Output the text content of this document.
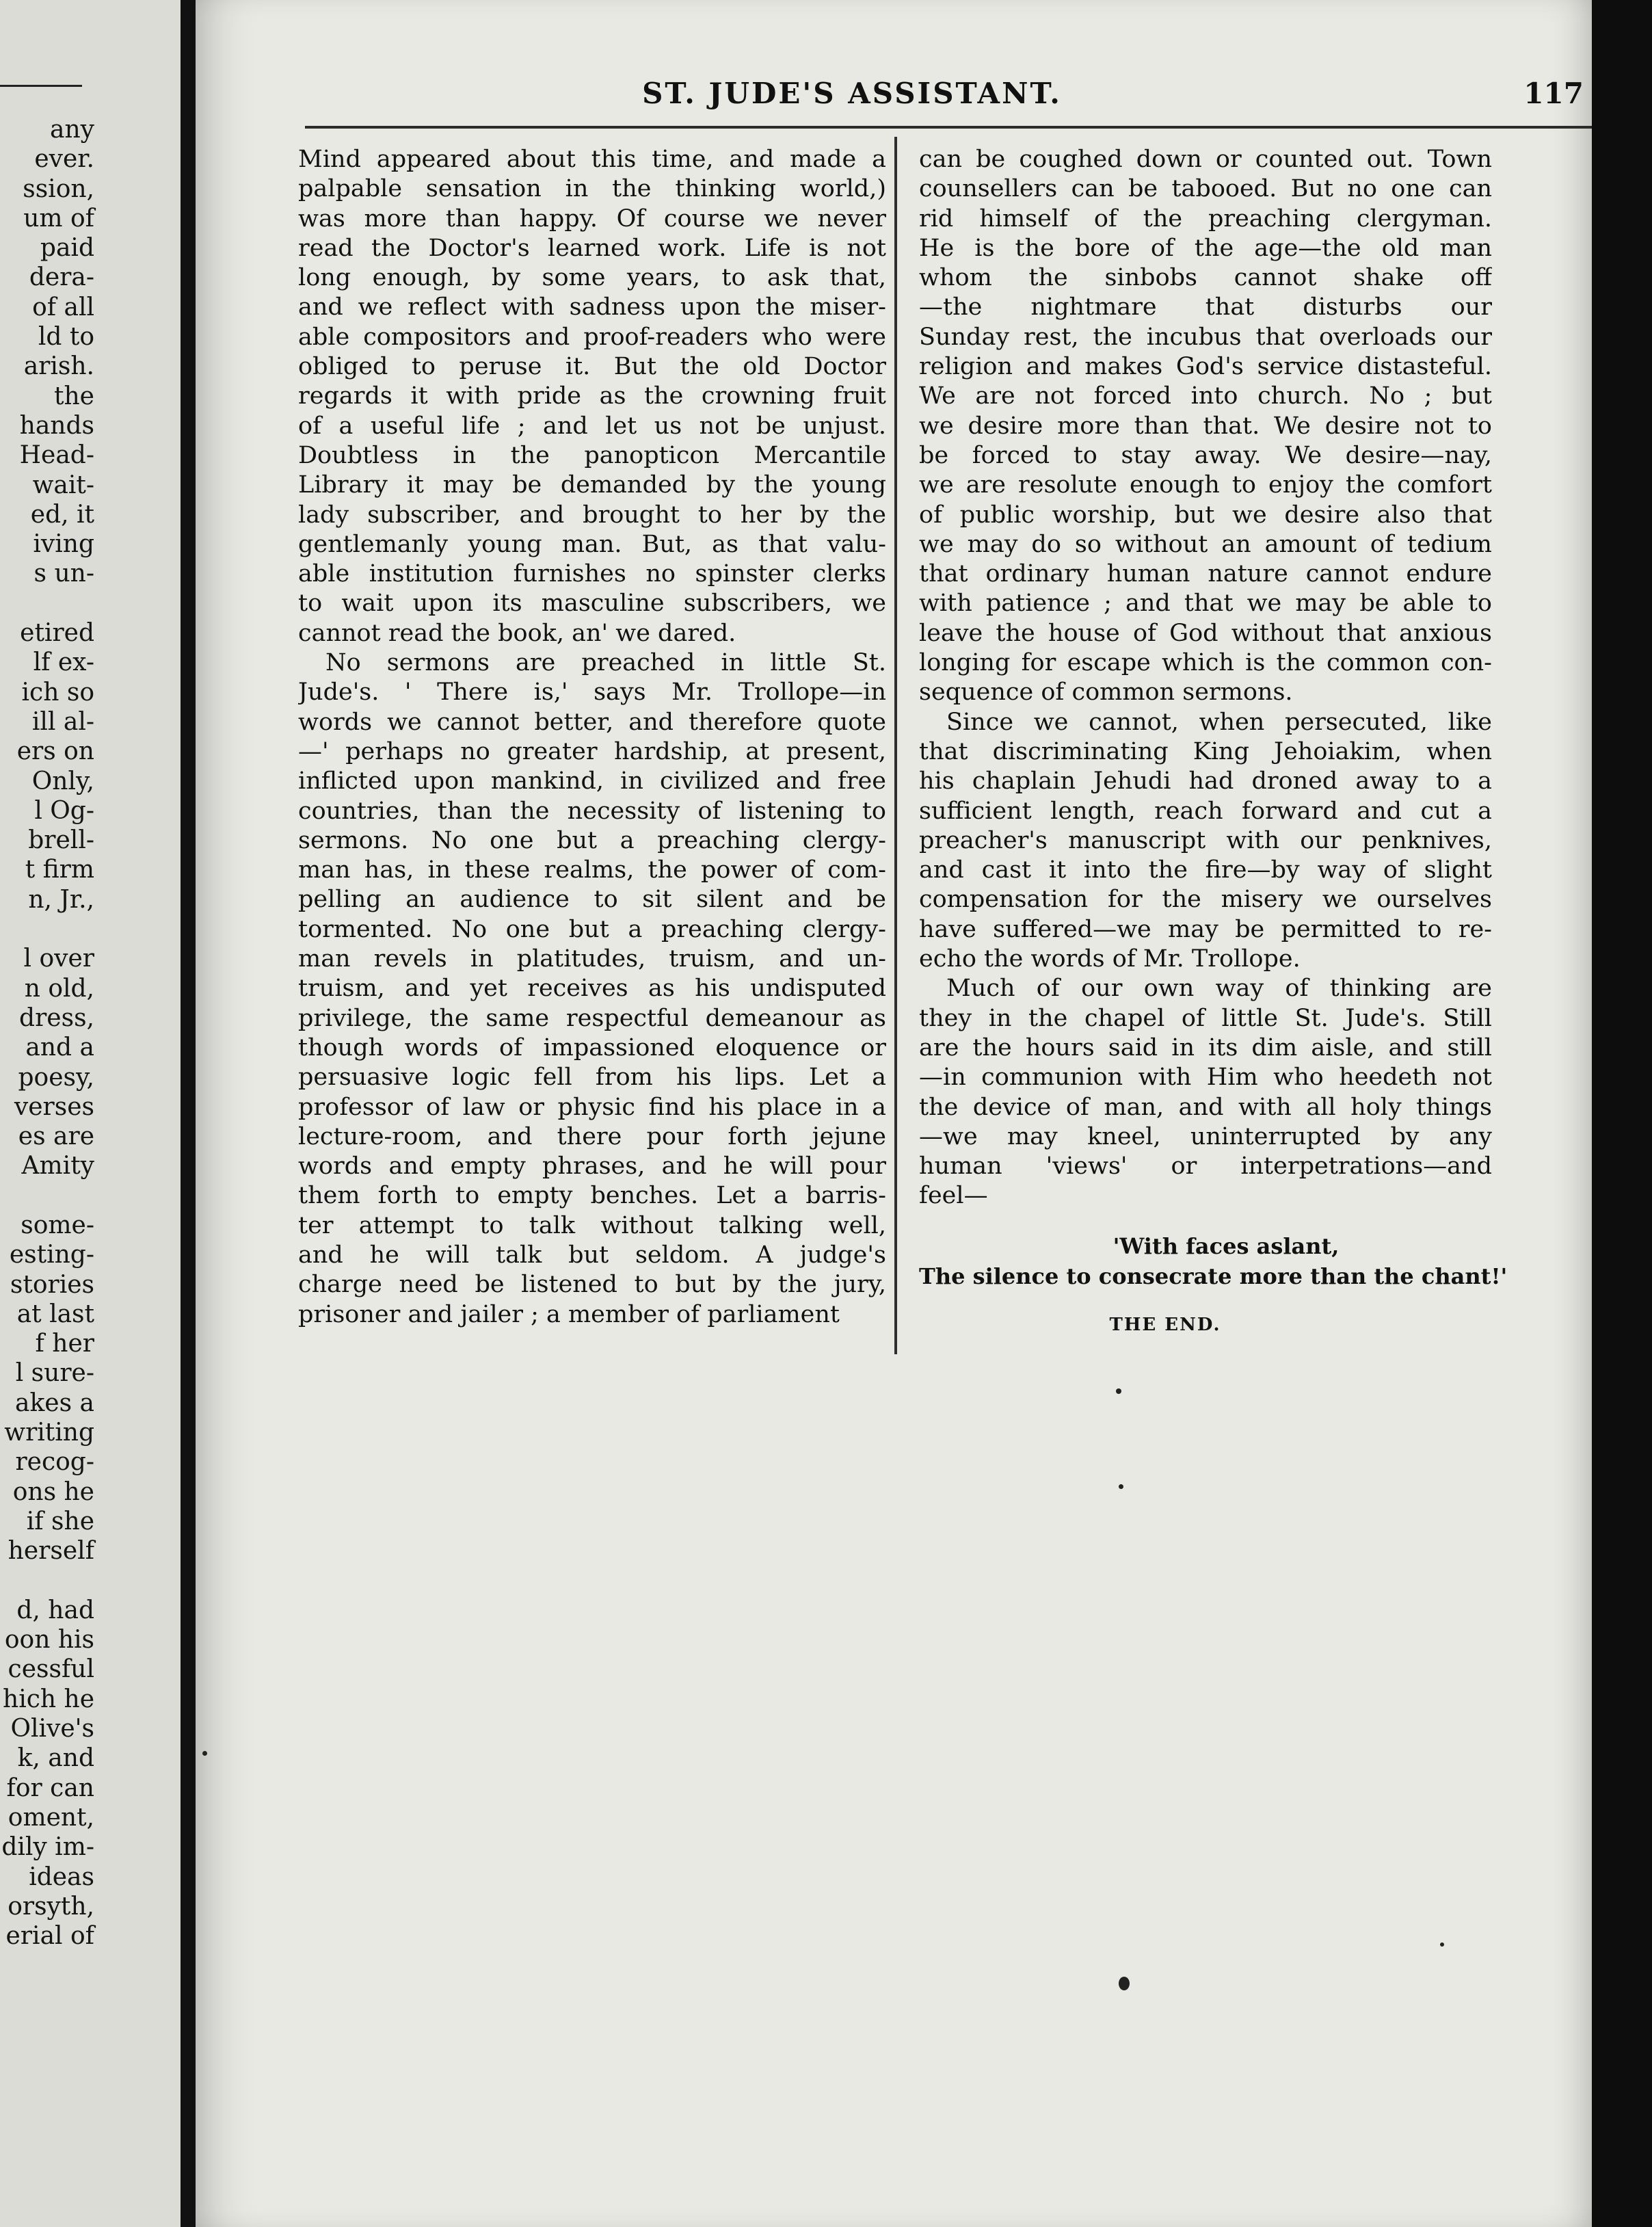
any
ever.
ssion,
um of
paid
dera-
of all
ld to
arish.
the
hands
Head-
wait-
ed, it
iving
s un-
etired
lf ex-
ich so
ill al-
ers on
Only,
l Og-
brell-
t firm
n, Jr.,
l over
n old,
dress,
and a
poesy,
verses
es are
Amity
some-
esting-
stories
at last
f her
l sure-
akes a
writing
recog-
ons he
if she
herself
d, had
oon his
cessful
hich he
Olive's
k, and
for can
oment,
dily im-
ideas
orsyth,
erial of
ST. JUDE'S ASSISTANT.	117
Mind appeared about this time, and made a
palpable sensation in the thinking world,)
was more than happy. Of course we never
read the Doctor's learned work. Life is not
long enough, by some years, to ask that,
and we reflect with sadness upon the miser-
able compositors and proof-readers who were
obliged to peruse it. But the old Doctor
regards it with pride as the crowning fruit
of a useful life ; and let us not be unjust.
Doubtless in the panopticon Mercantile
Library it may be demanded by the young
lady subscriber, and brought to her by the
gentlemanly young man. But, as that valu-
able institution furnishes no spinster clerks
to wait upon its masculine subscribers, we
cannot read the book, an' we dared.
No sermons are preached in little St.
Jude's. ' There is,' says Mr. Trollope—in
words we cannot better, and therefore quote
—' perhaps no greater hardship, at present,
inflicted upon mankind, in civilized and free
countries, than the necessity of listening to
sermons. No one but a preaching clergy-
man has, in these realms, the power of com-
pelling an audience to sit silent and be
tormented. No one but a preaching clergy-
man revels in platitudes, truism, and un-
truism, and yet receives as his undisputed
privilege, the same respectful demeanour as
though words of impassioned eloquence or
persuasive logic fell from his lips. Let a
professor of law or physic find his place in a
lecture-room, and there pour forth jejune
words and empty phrases, and he will pour
them forth to empty benches. Let a barris-
ter attempt to talk without talking well,
and he will talk but seldom. A judge's
charge need be listened to but by the jury,
prisoner and jailer ; a member of parliament
can be coughed down or counted out. Town
counsellers can be tabooed. But no one can
rid himself of the preaching clergyman.
He is the bore of the age—the old man
whom the sinbobs cannot shake off
—the nightmare that disturbs our
Sunday rest, the incubus that overloads our
religion and makes God's service distasteful.
We are not forced into church. No ; but
we desire more than that. We desire not to
be forced to stay away. We desire—nay,
we are resolute enough to enjoy the comfort
of public worship, but we desire also that
we may do so without an amount of tedium
that ordinary human nature cannot endure
with patience ; and that we may be able to
leave the house of God without that anxious
longing for escape which is the common con-
sequence of common sermons.
Since we cannot, when persecuted, like
that discriminating King Jehoiakim, when
his chaplain Jehudi had droned away to a
sufficient length, reach forward and cut a
preacher's manuscript with our penknives,
and cast it into the fire—by way of slight
compensation for the misery we ourselves
have suffered—we may be permitted to re-
echo the words of Mr. Trollope.
Much of our own way of thinking are
they in the chapel of little St. Jude's. Still
are the hours said in its dim aisle, and still
—in communion with Him who heedeth not
the device of man, and with all holy things
—we may kneel, uninterrupted by any
human 'views' or interpetrations—and
feel—
'With faces aslant,
The silence to consecrate more than the chant!'
THE END.
